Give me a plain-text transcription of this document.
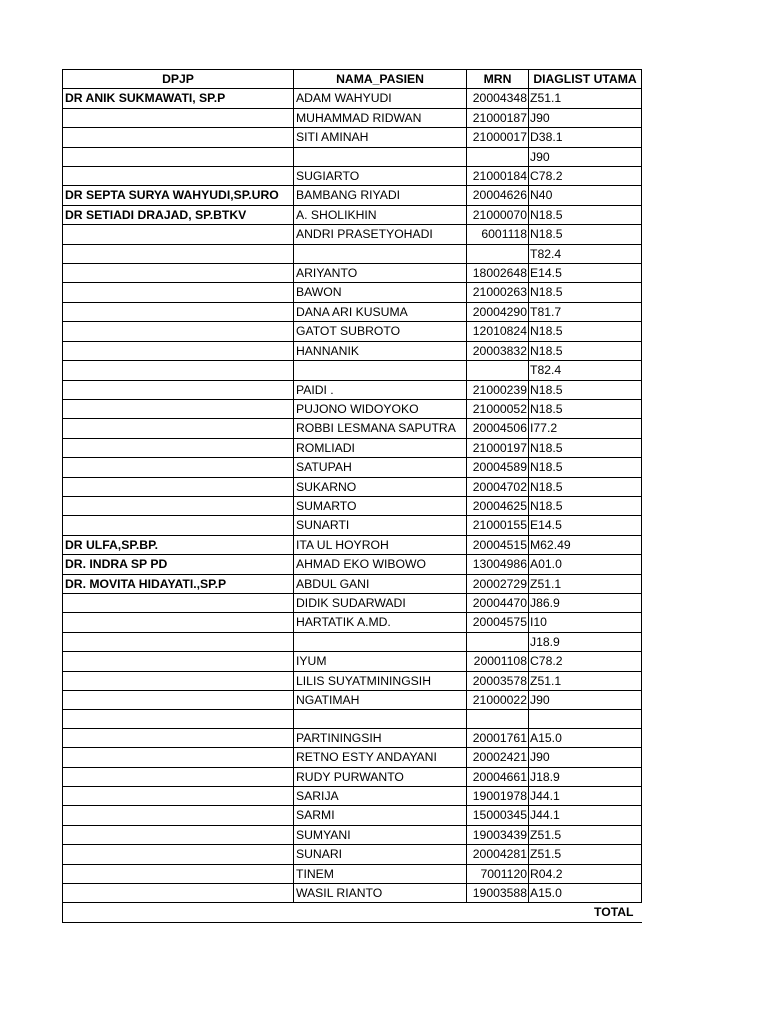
DPJP	NAMA_PASIEN	MRN	DIAGLIST UTAMA
DR ANIK SUKMAWATI, SP.P	ADAM WAHYUDI	20004348	Z51.1
	MUHAMMAD RIDWAN	21000187	J90
	SITI AMINAH	21000017	D38.1
			J90
	SUGIARTO	21000184	C78.2
DR SEPTA SURYA WAHYUDI,SP.URO	BAMBANG RIYADI	20004626	N40
DR SETIADI DRAJAD, SP.BTKV	A. SHOLIKHIN	21000070	N18.5
	ANDRI PRASETYOHADI	6001118	N18.5
			T82.4
	ARIYANTO	18002648	E14.5
	BAWON	21000263	N18.5
	DANA ARI KUSUMA	20004290	T81.7
	GATOT SUBROTO	12010824	N18.5
	HANNANIK	20003832	N18.5
			T82.4
	PAIDI .	21000239	N18.5
	PUJONO WIDOYOKO	21000052	N18.5
	ROBBI LESMANA SAPUTRA	20004506	I77.2
	ROMLIADI	21000197	N18.5
	SATUPAH	20004589	N18.5
	SUKARNO	20004702	N18.5
	SUMARTO	20004625	N18.5
	SUNARTI	21000155	E14.5
DR ULFA,SP.BP.	ITA UL HOYROH	20004515	M62.49
DR. INDRA SP PD	AHMAD EKO WIBOWO	13004986	A01.0
DR. MOVITA HIDAYATI.,SP.P	ABDUL GANI	20002729	Z51.1
	DIDIK SUDARWADI	20004470	J86.9
	HARTATIK A.MD.	20004575	I10
			J18.9
	IYUM	20001108	C78.2
	LILIS SUYATMININGSIH	20003578	Z51.1
	NGATIMAH	21000022	J90

	PARTININGSIH	20001761	A15.0
	RETNO ESTY ANDAYANI	20002421	J90
	RUDY PURWANTO	20004661	J18.9
	SARIJA	19001978	J44.1
	SARMI	15000345	J44.1
	SUMYANI	19003439	Z51.5
	SUNARI	20004281	Z51.5
	TINEM	7001120	R04.2
	WASIL RIANTO	19003588	A15.0
TOTAL			
